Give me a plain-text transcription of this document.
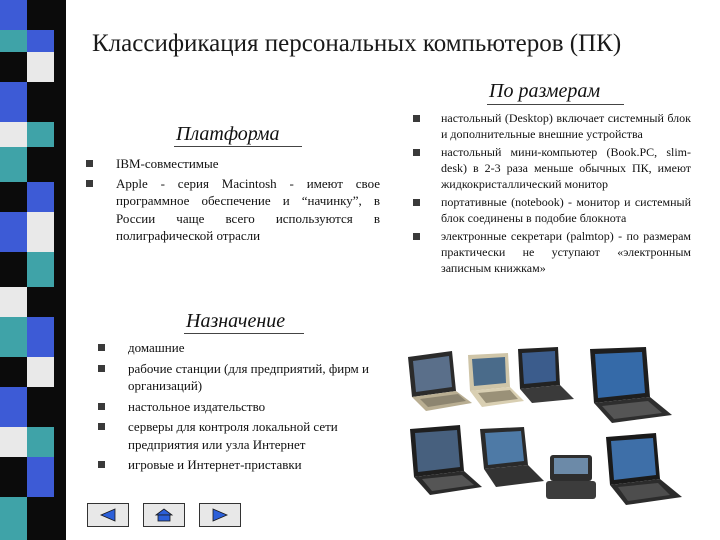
Классификация персональных компьютеров (ПК)
По размерам
настольный (Desktop) включает системный блок и дополнительные внешние устройства
настольный мини-компьютер (Book.PC, slim-desk) в 2-3 раза меньше обычных ПК, имеют жидкокристаллический монитор
портативные (notebook) - монитор и системный блок соединены в подобие блокнота
электронные секретари (palmtop) - по размерам практически не уступают «электронным записным книжкам»
Платформа
IBM-совместимые
Apple - серия Macintosh - имеют свое программное обеспечение и “начинку”, в России чаще всего используются в полиграфической отрасли
Назначение
домашние
рабочие станции (для предприятий, фирм и организаций)
настольное издательство
серверы для контроля локальной сети предприятия или узла Интернет
игровые и Интернет-приставки
